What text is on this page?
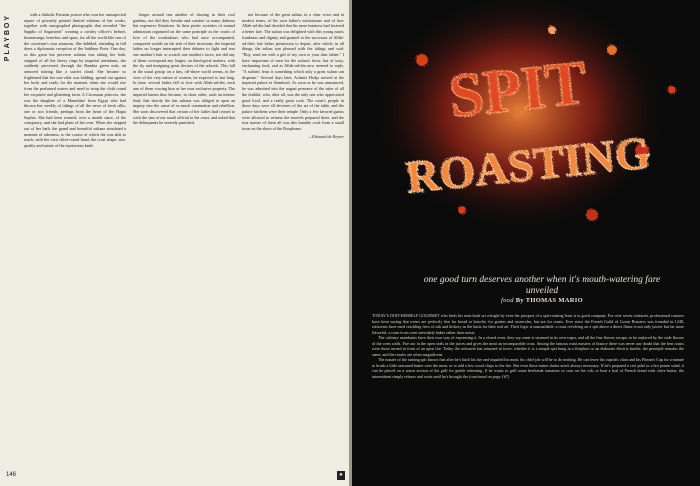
PLAYBOY	with a diabolic Parisian poison who won her unsuspected repute of privately printed limited editions of her works, together with autographed photographs that revealed "the Sappho of Sogarsteni" wearing a cavalry officer's helmet, boomerangs, breeches and spurs, for all the world like one of the courtesan's own amazons. She dabbled, attending in full dress a diplomatic reception of the Sublime Porte. One day, as this great but perverse sultana was taking her bath, stripped of all her heavy rings by imperial attendants, she suddenly perceived, through the Rambia green mist, an armored stirring like a scarlet cloud. She became so frightened that her son-valet was bidding, spread out against her body and ready for the moment when she would rise from the perfumed waters and need to wrap the cloth round her exquisite and glistening form. A Circassian princess, she was the daughter of a Mameluke from Egypt who had thrown her weekly of tidings of all the news of fresh silks, one or two friends, perhaps from the heart of the Hagia Sophia. She had been warned, over a month since, of the conspiracy, and she had plans of her own. When she stepped out of her bath, the grand and beautiful sultana simulated a moment of calmness, to the course of which she was able to reach, with her own silver-coned hand, the crust shape, size, quality and nature of the mysterious knife.

longer around one another of chasing in their cool gardens, nor did they forsake and comfort so many dubious but expensive flirtations. In their poetic societies of mutual admiration organized on the same principle as the courts of love of the troubadours who had once accompanied, conquered worlds on the side of their invasions, the imperial ladies no longer interrupted their debates to fight and tear one another's hair or scratch one another's faces; nor did any of them correspond any longer, on theological matters, with the sly and intriguing great doctors of the schools. This lull in the usual gossip on a tiny, off-shore world seems, in the view of the very nature of women, be expected to last long. In time, several ladies fell in love with Allah-ud-din, each one of them vowing him as her own exclusive property. The imperial harem thus became, in short order, such an intense feud, that shortly the fair sultana was obliged to open an inquiry into the cause of so much commotion and rebellion. She soon discovered that certain of her ladies had ceased to wish the sins of our small official to the court, and asked that the delinquents be severely punished.

not because of the great sultan, in a clear voice and in modest terms, of his own father's misfortunes and of how Allah-ud-din had decided that his mere business had fostered a better fate. The sultan was delighted with this young man's frankness and dignity and granted to the successor of Allah-ud-din's late father permission to depart, after which, in all things, the sultan was pleased with the tidings and said: "Boy, send me with a gift of my own to your dear father." I have importune of men for the sultan's favor, but of tasty, enchanting food, and as Allah-ud-din now seemed to reply, "A sultan's feast is something which only a great sultan can dispense." Several days later, Achmet Hodja arrived at the imperial palace in Stamboul. As soon as he was announced, he was admitted into the august presence of the ruler of all the faithful, who, after all, was the only one who appreciated good food, and a really great cook. The court's people in those days were all devotees of the art of the table, and the palace kitchens were their temple. Only a few favored guests were allowed to witness the marvels prepared there, and the true master of them all was this humble cook from a small town on the shore of the Bosphorus.

—Edouard de Keyser
146	♠
SPIT
ROASTING
one good turn deserves another when it's mouth-watering fare unveiled
food By THOMAS MARIO

TODAY'S DOIT-HIMSELF GOURMET who finds his taste buds set a-tingle by even the prospect of a spit-roasting feast is in good company. For over seven centuries, professional roasters have been saying that ovens are perfectly fine for bread or brioche, for gratins and casseroles, but not for roasts. Ever since the French Guild of Goose Roasters was founded in 1248, rotisseurs have used crackling fires of oak and hickory as the basis for their real art. Their logic is unassailable: a roast revolving on a spit above a direct flame is not only juicier but far more flavorful; a roast in an oven inevitably bakes rather than roasts.

The culinary mandarins have their own way of expressing it. In a closed oven, they say, meat is steamed in its own vapor, and all the fine flavors escape, to be replaced by the stale flavors of the oven walls. Fire out in the open seals in the juices and gives the meat an incomparable crust. Among the famous roast masters of history there was never any doubt that the best roasts were those turned in front of an open fire. Today the rotisserie has returned in force: whether it is a simple spit hung in a fireplace or an elaborate electric broiler, the principle remains the same, and the results are often magnificent.

The master of the turning spit knows that after he's built his fire and impaled his meat, his chief job will be to do nothing. He can leave his cupola's chair and his Flimm's Cup for a minute to brush a little seasoned butter over the meat, or to add a few wood chips to the fire. But even these minor duties aren't always necessary. If he's prepared a rice pilaf or a hot potato salad, it can be placed on a warm section of the grill for gentle reheating. If he wants to grill some beefsteak tomatoes or corn on the cob, or heat a loaf of French bread with chive butter, the intermittent simply relaxes and waits until he's brought the (continued on page 167)
